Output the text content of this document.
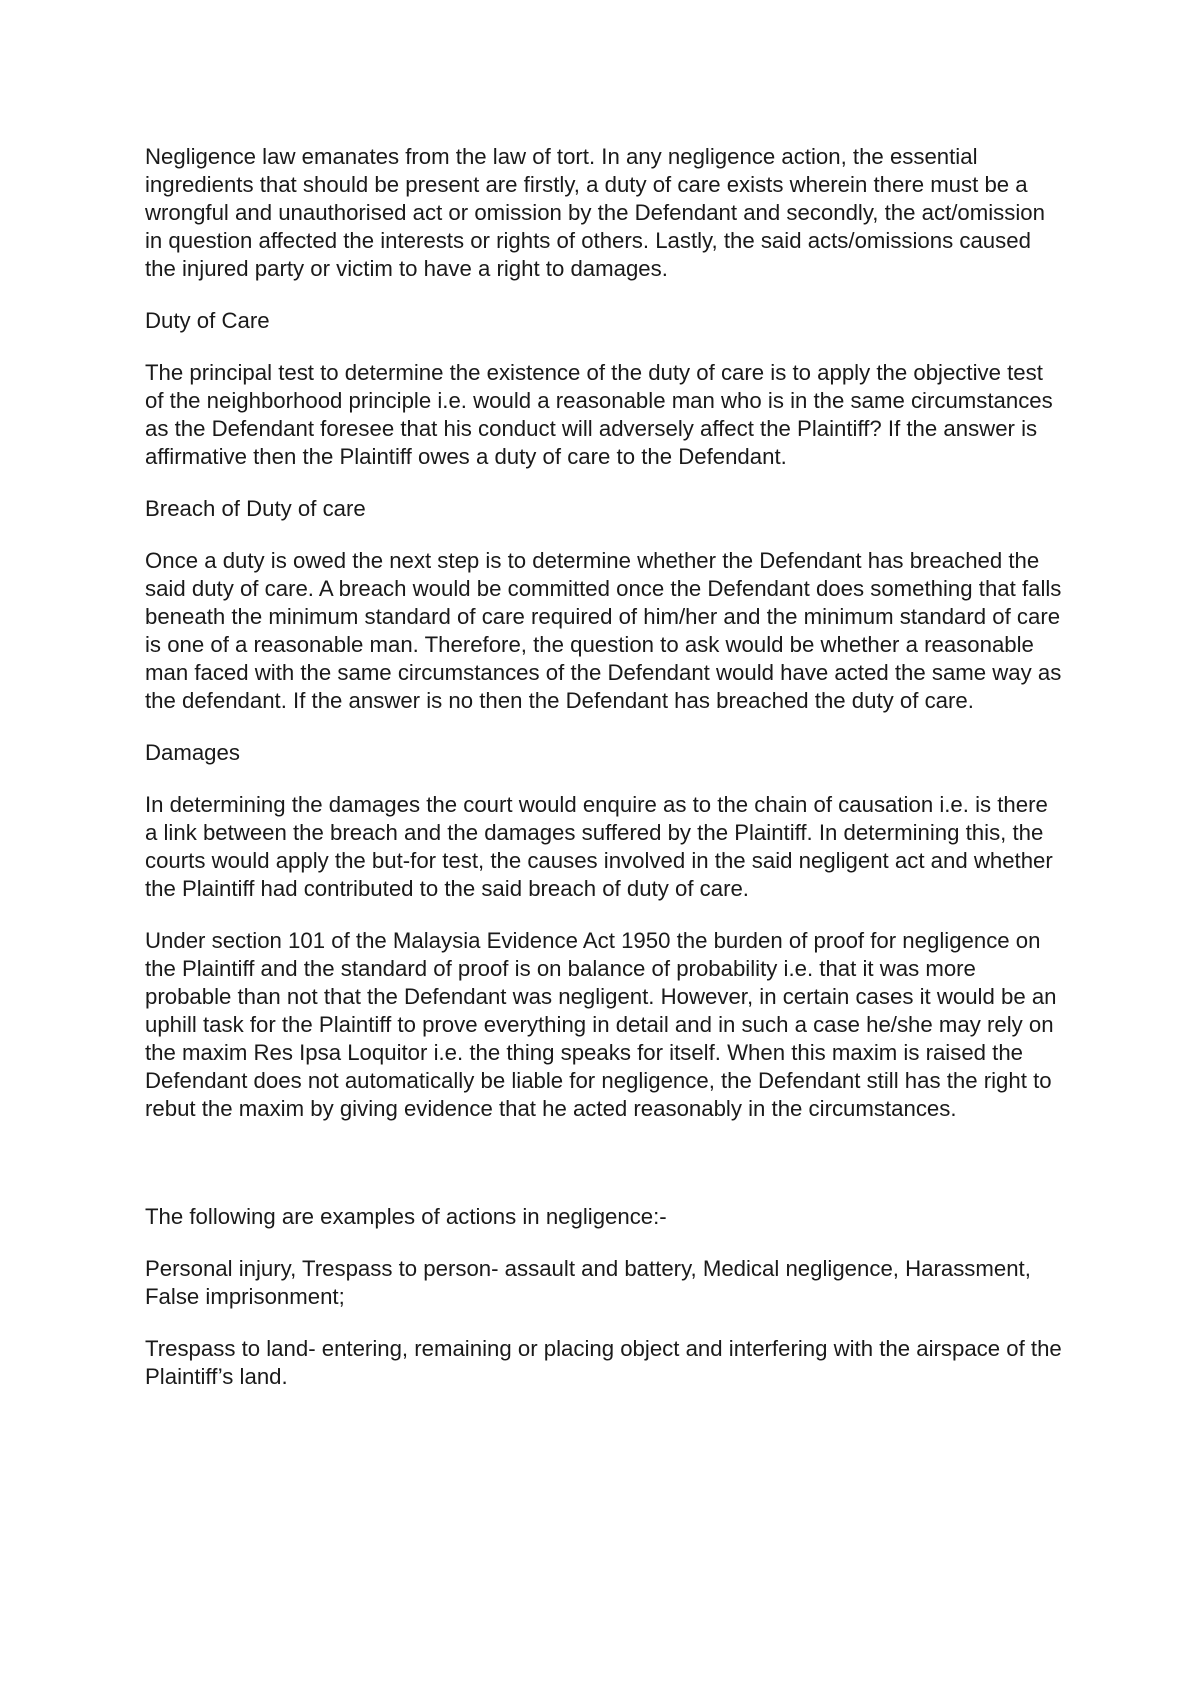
Negligence law emanates from the law of tort. In any negligence action, the essential ingredients that should be present are firstly, a duty of care exists wherein there must be a wrongful and unauthorised act or omission by the Defendant and secondly, the act/omission in question affected the interests or rights of others. Lastly, the said acts/omissions caused the injured party or victim to have a right to damages.

Duty of Care

The principal test to determine the existence of the duty of care is to apply the objective test of the neighborhood principle i.e. would a reasonable man who is in the same circumstances as the Defendant foresee that his conduct will adversely affect the Plaintiff? If the answer is affirmative then the Plaintiff owes a duty of care to the Defendant.

Breach of Duty of care

Once a duty is owed the next step is to determine whether the Defendant has breached the said duty of care. A breach would be committed once the Defendant does something that falls beneath the minimum standard of care required of him/her and the minimum standard of care is one of a reasonable man. Therefore, the question to ask would be whether a reasonable man faced with the same circumstances of the Defendant would have acted the same way as the defendant. If the answer is no then the Defendant has breached the duty of care.

Damages

In determining the damages the court would enquire as to the chain of causation i.e. is there a link between the breach and the damages suffered by the Plaintiff. In determining this, the courts would apply the but-for test, the causes involved in the said negligent act and whether the Plaintiff had contributed to the said breach of duty of care.

Under section 101 of the Malaysia Evidence Act 1950 the burden of proof for negligence on the Plaintiff and the standard of proof is on balance of probability i.e. that it was more probable than not that the Defendant was negligent. However, in certain cases it would be an uphill task for the Plaintiff to prove everything in detail and in such a case he/she may rely on the maxim Res Ipsa Loquitor i.e. the thing speaks for itself. When this maxim is raised the Defendant does not automatically be liable for negligence, the Defendant still has the right to rebut the maxim by giving evidence that he acted reasonably in the circumstances.

The following are examples of actions in negligence:-

Personal injury, Trespass to person- assault and battery, Medical negligence, Harassment, False imprisonment;

Trespass to land- entering, remaining or placing object and interfering with the airspace of the Plaintiff’s land.
